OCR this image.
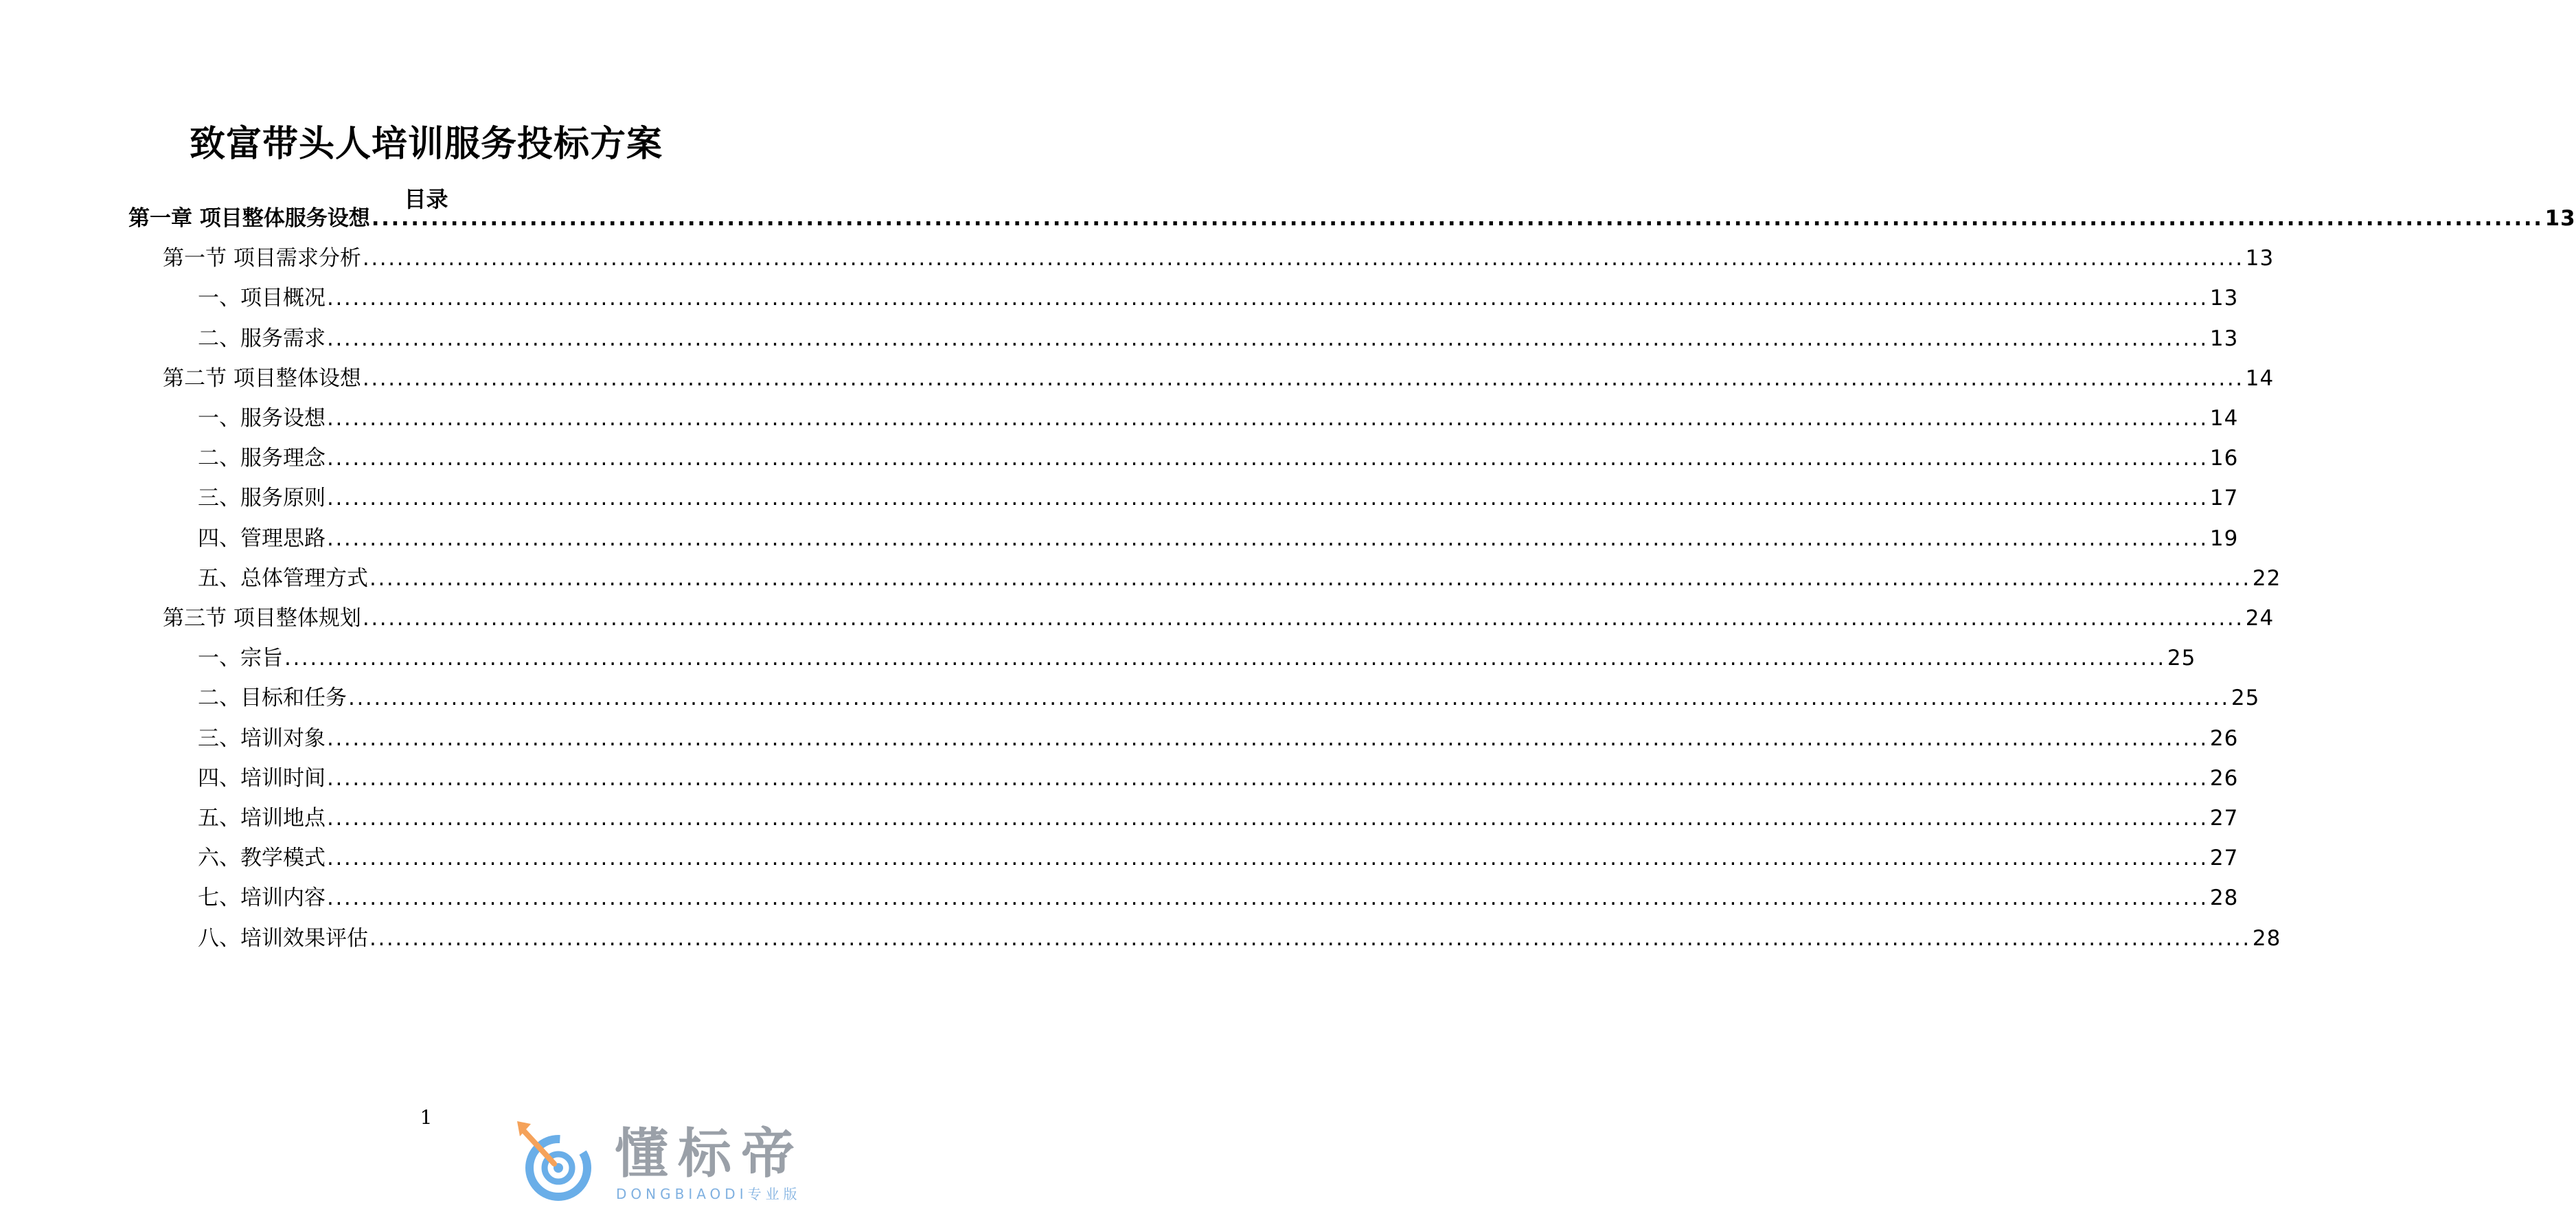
致富带头人培训服务投标方案
目录
第一章 项目整体服务设想 ............................................................................................................................................................................................................................ 13
第一节 项目需求分析 ............................................................................................................................................................................................................................ 13
一、项目概况 ............................................................................................................................................................................................................................ 13
二、服务需求 ............................................................................................................................................................................................................................ 13
第二节 项目整体设想 ............................................................................................................................................................................................................................ 14
一、服务设想 ............................................................................................................................................................................................................................ 14
二、服务理念 ............................................................................................................................................................................................................................ 16
三、服务原则 ............................................................................................................................................................................................................................ 17
四、管理思路 ............................................................................................................................................................................................................................ 19
五、总体管理方式 ............................................................................................................................................................................................................................ 22
第三节 项目整体规划 ............................................................................................................................................................................................................................ 24
一、宗旨 ............................................................................................................................................................................................................................ 25
二、目标和任务 ............................................................................................................................................................................................................................ 25
三、培训对象 ............................................................................................................................................................................................................................ 26
四、培训时间 ............................................................................................................................................................................................................................ 26
五、培训地点 ............................................................................................................................................................................................................................ 27
六、教学模式 ............................................................................................................................................................................................................................ 27
七、培训内容 ............................................................................................................................................................................................................................ 28
八、培训效果评估 ............................................................................................................................................................................................................................ 28
1
懂标帝
DONGBIAODI专业版
